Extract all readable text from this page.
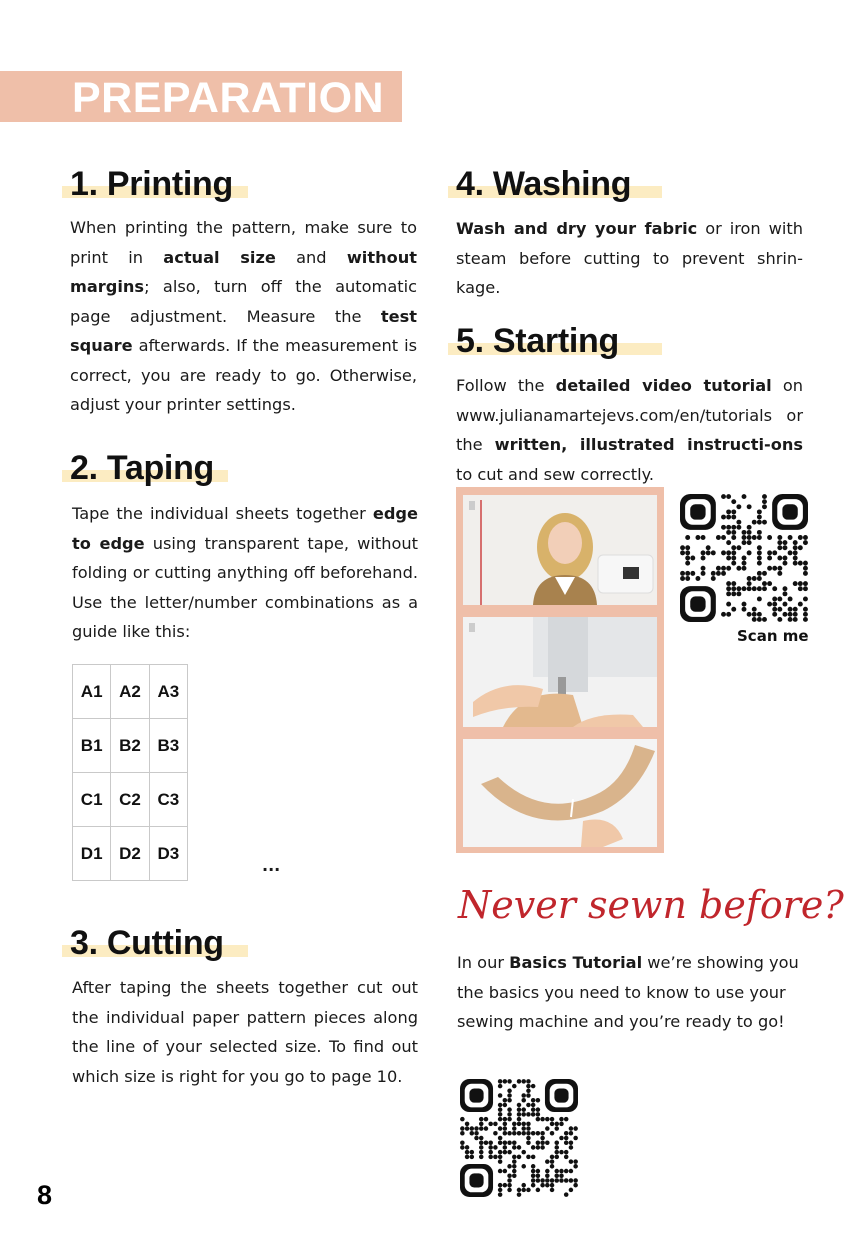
PREPARATION
1. Printing
When printing the pattern, make sure to print in actual size and without margins; also, turn off the automatic page adjustment. Measure the test square afterwards. If the measurement is correct, you are ready to go. Otherwise, adjust your printer settings.
2. Taping
Tape the individual sheets together edge to edge using transparent tape, without folding or cutting anything off beforehand. Use the letter/number combinations as a guide like this:
A1	A2	A3
B1	B2	B3
C1	C2	C3
D1	D2	D3
...
3. Cutting
After taping the sheets together cut out the individual paper pattern pieces along the line of your selected size. To find out which size is right for you go to page 10.
4. Washing
Wash and dry your fabric or iron with steam before cutting to prevent shrin-kage.
5. Starting
Follow the detailed video tutorial on www.julianamartejevs.com/en/tutorials or the written, illustrated instructi-ons to cut and sew correctly.
Scan me
Never sewn before?
In our Basics Tutorial we’re showing you the basics you need to know to use your sewing machine and you’re ready to go!
8
